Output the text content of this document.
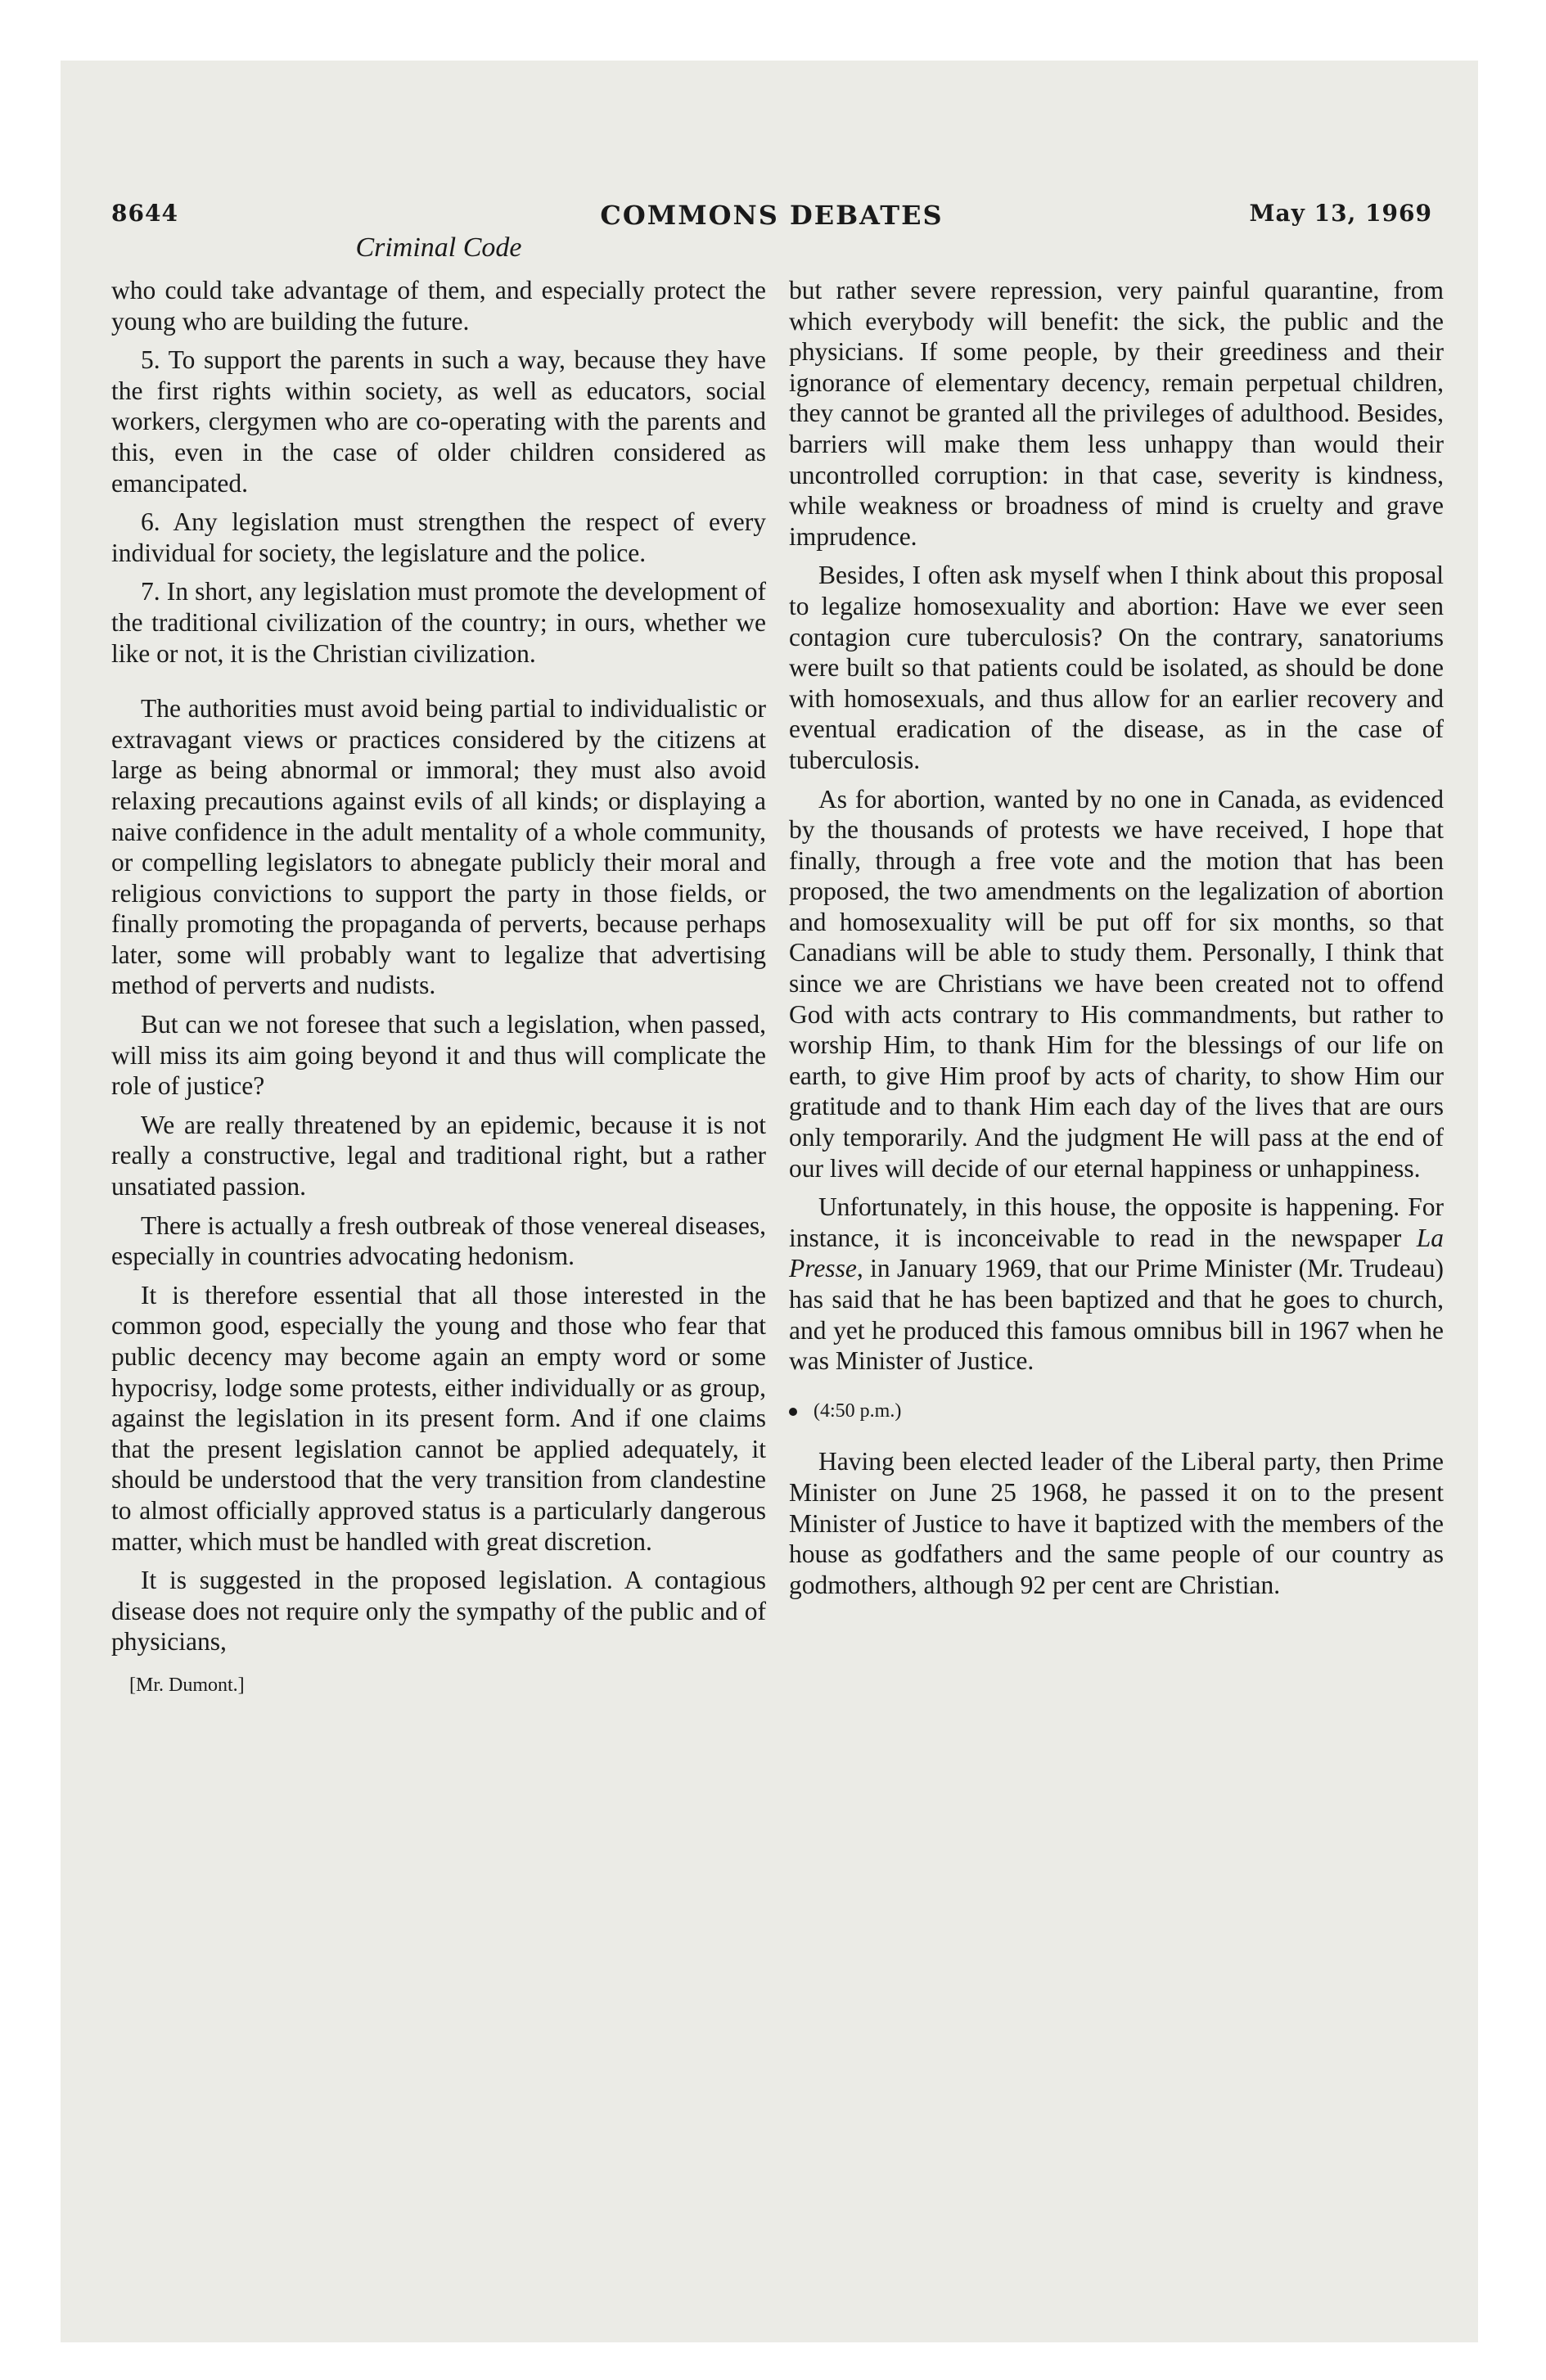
8644	COMMONS DEBATES	May 13, 1969
Criminal Code

who could take advantage of them, and especially protect the young who are building the future.

5. To support the parents in such a way, because they have the first rights within society, as well as educators, social workers, clergymen who are co-operating with the parents and this, even in the case of older children considered as emancipated.

6. Any legislation must strengthen the respect of every individual for society, the legislature and the police.

7. In short, any legislation must promote the development of the traditional civilization of the country; in ours, whether we like or not, it is the Christian civilization.

The authorities must avoid being partial to individualistic or extravagant views or practices considered by the citizens at large as being abnormal or immoral; they must also avoid relaxing precautions against evils of all kinds; or displaying a naive confidence in the adult mentality of a whole community, or compelling legislators to abnegate publicly their moral and religious convictions to support the party in those fields, or finally promoting the propaganda of perverts, because perhaps later, some will probably want to legalize that advertising method of perverts and nudists.

But can we not foresee that such a legislation, when passed, will miss its aim going beyond it and thus will complicate the role of justice?

We are really threatened by an epidemic, because it is not really a constructive, legal and traditional right, but a rather unsatiated passion.

There is actually a fresh outbreak of those venereal diseases, especially in countries advocating hedonism.

It is therefore essential that all those interested in the common good, especially the young and those who fear that public decency may become again an empty word or some hypocrisy, lodge some protests, either individually or as group, against the legislation in its present form. And if one claims that the present legislation cannot be applied adequately, it should be understood that the very transition from clandestine to almost officially approved status is a particularly dangerous matter, which must be handled with great discretion.

It is suggested in the proposed legislation. A contagious disease does not require only the sympathy of the public and of physicians,

[Mr. Dumont.]

but rather severe repression, very painful quarantine, from which everybody will benefit: the sick, the public and the physicians. If some people, by their greediness and their ignorance of elementary decency, remain perpetual children, they cannot be granted all the privileges of adulthood. Besides, barriers will make them less unhappy than would their uncontrolled corruption: in that case, severity is kindness, while weakness or broadness of mind is cruelty and grave imprudence.

Besides, I often ask myself when I think about this proposal to legalize homosexuality and abortion: Have we ever seen contagion cure tuberculosis? On the contrary, sanatoriums were built so that patients could be isolated, as should be done with homosexuals, and thus allow for an earlier recovery and eventual eradication of the disease, as in the case of tuberculosis.

As for abortion, wanted by no one in Canada, as evidenced by the thousands of protests we have received, I hope that finally, through a free vote and the motion that has been proposed, the two amendments on the legalization of abortion and homosexuality will be put off for six months, so that Canadians will be able to study them. Personally, I think that since we are Christians we have been created not to offend God with acts contrary to His commandments, but rather to worship Him, to thank Him for the blessings of our life on earth, to give Him proof by acts of charity, to show Him our gratitude and to thank Him each day of the lives that are ours only temporarily. And the judgment He will pass at the end of our lives will decide of our eternal happiness or unhappiness.

Unfortunately, in this house, the opposite is happening. For instance, it is inconceivable to read in the newspaper La Presse, in January 1969, that our Prime Minister (Mr. Trudeau) has said that he has been baptized and that he goes to church, and yet he produced this famous omnibus bill in 1967 when he was Minister of Justice.

(4:50 p.m.)

Having been elected leader of the Liberal party, then Prime Minister on June 25 1968, he passed it on to the present Minister of Justice to have it baptized with the members of the house as godfathers and the same people of our country as godmothers, although 92 per cent are Christian.
